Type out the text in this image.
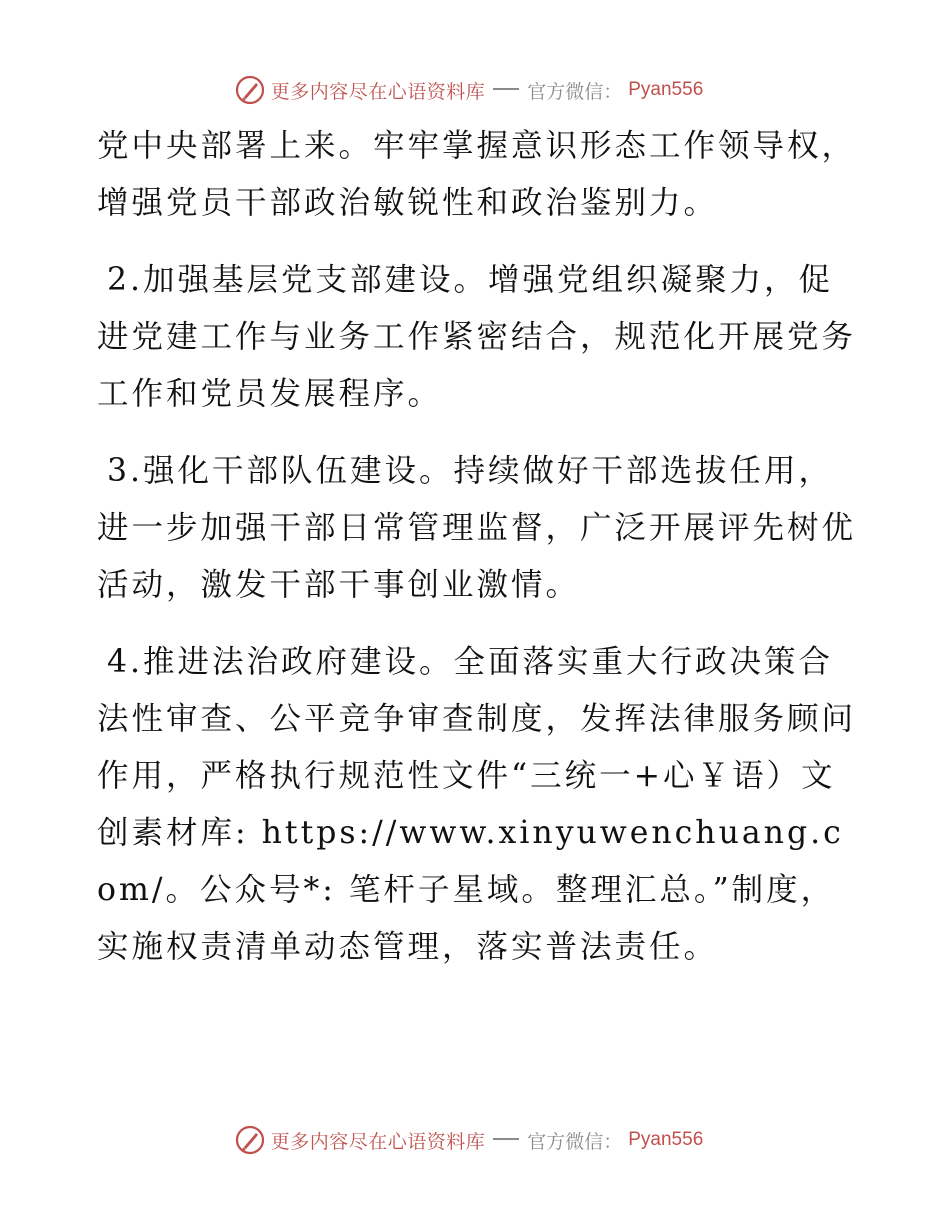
更多内容尽在心语资料库 官方微信： Pyan556

党中央部署上来。牢牢掌握意识形态工作领导权，增强党员干部政治敏锐性和政治鉴别力。

2.加强基层党支部建设。增强党组织凝聚力，促进党建工作与业务工作紧密结合，规范化开展党务工作和党员发展程序。

3.强化干部队伍建设。持续做好干部选拔任用，进一步加强干部日常管理监督，广泛开展评先树优活动，激发干部干事创业激情。

4.推进法治政府建设。全面落实重大行政决策合法性审查、公平竞争审查制度，发挥法律服务顾问作用，严格执行规范性文件“三统一+心￥语）文创素材库: https://www.xinyuwenchuang.com/。公众号*: 笔杆子星域。整理汇总。”制度，实施权责清单动态管理，落实普法责任。

更多内容尽在心语资料库 官方微信： Pyan556
